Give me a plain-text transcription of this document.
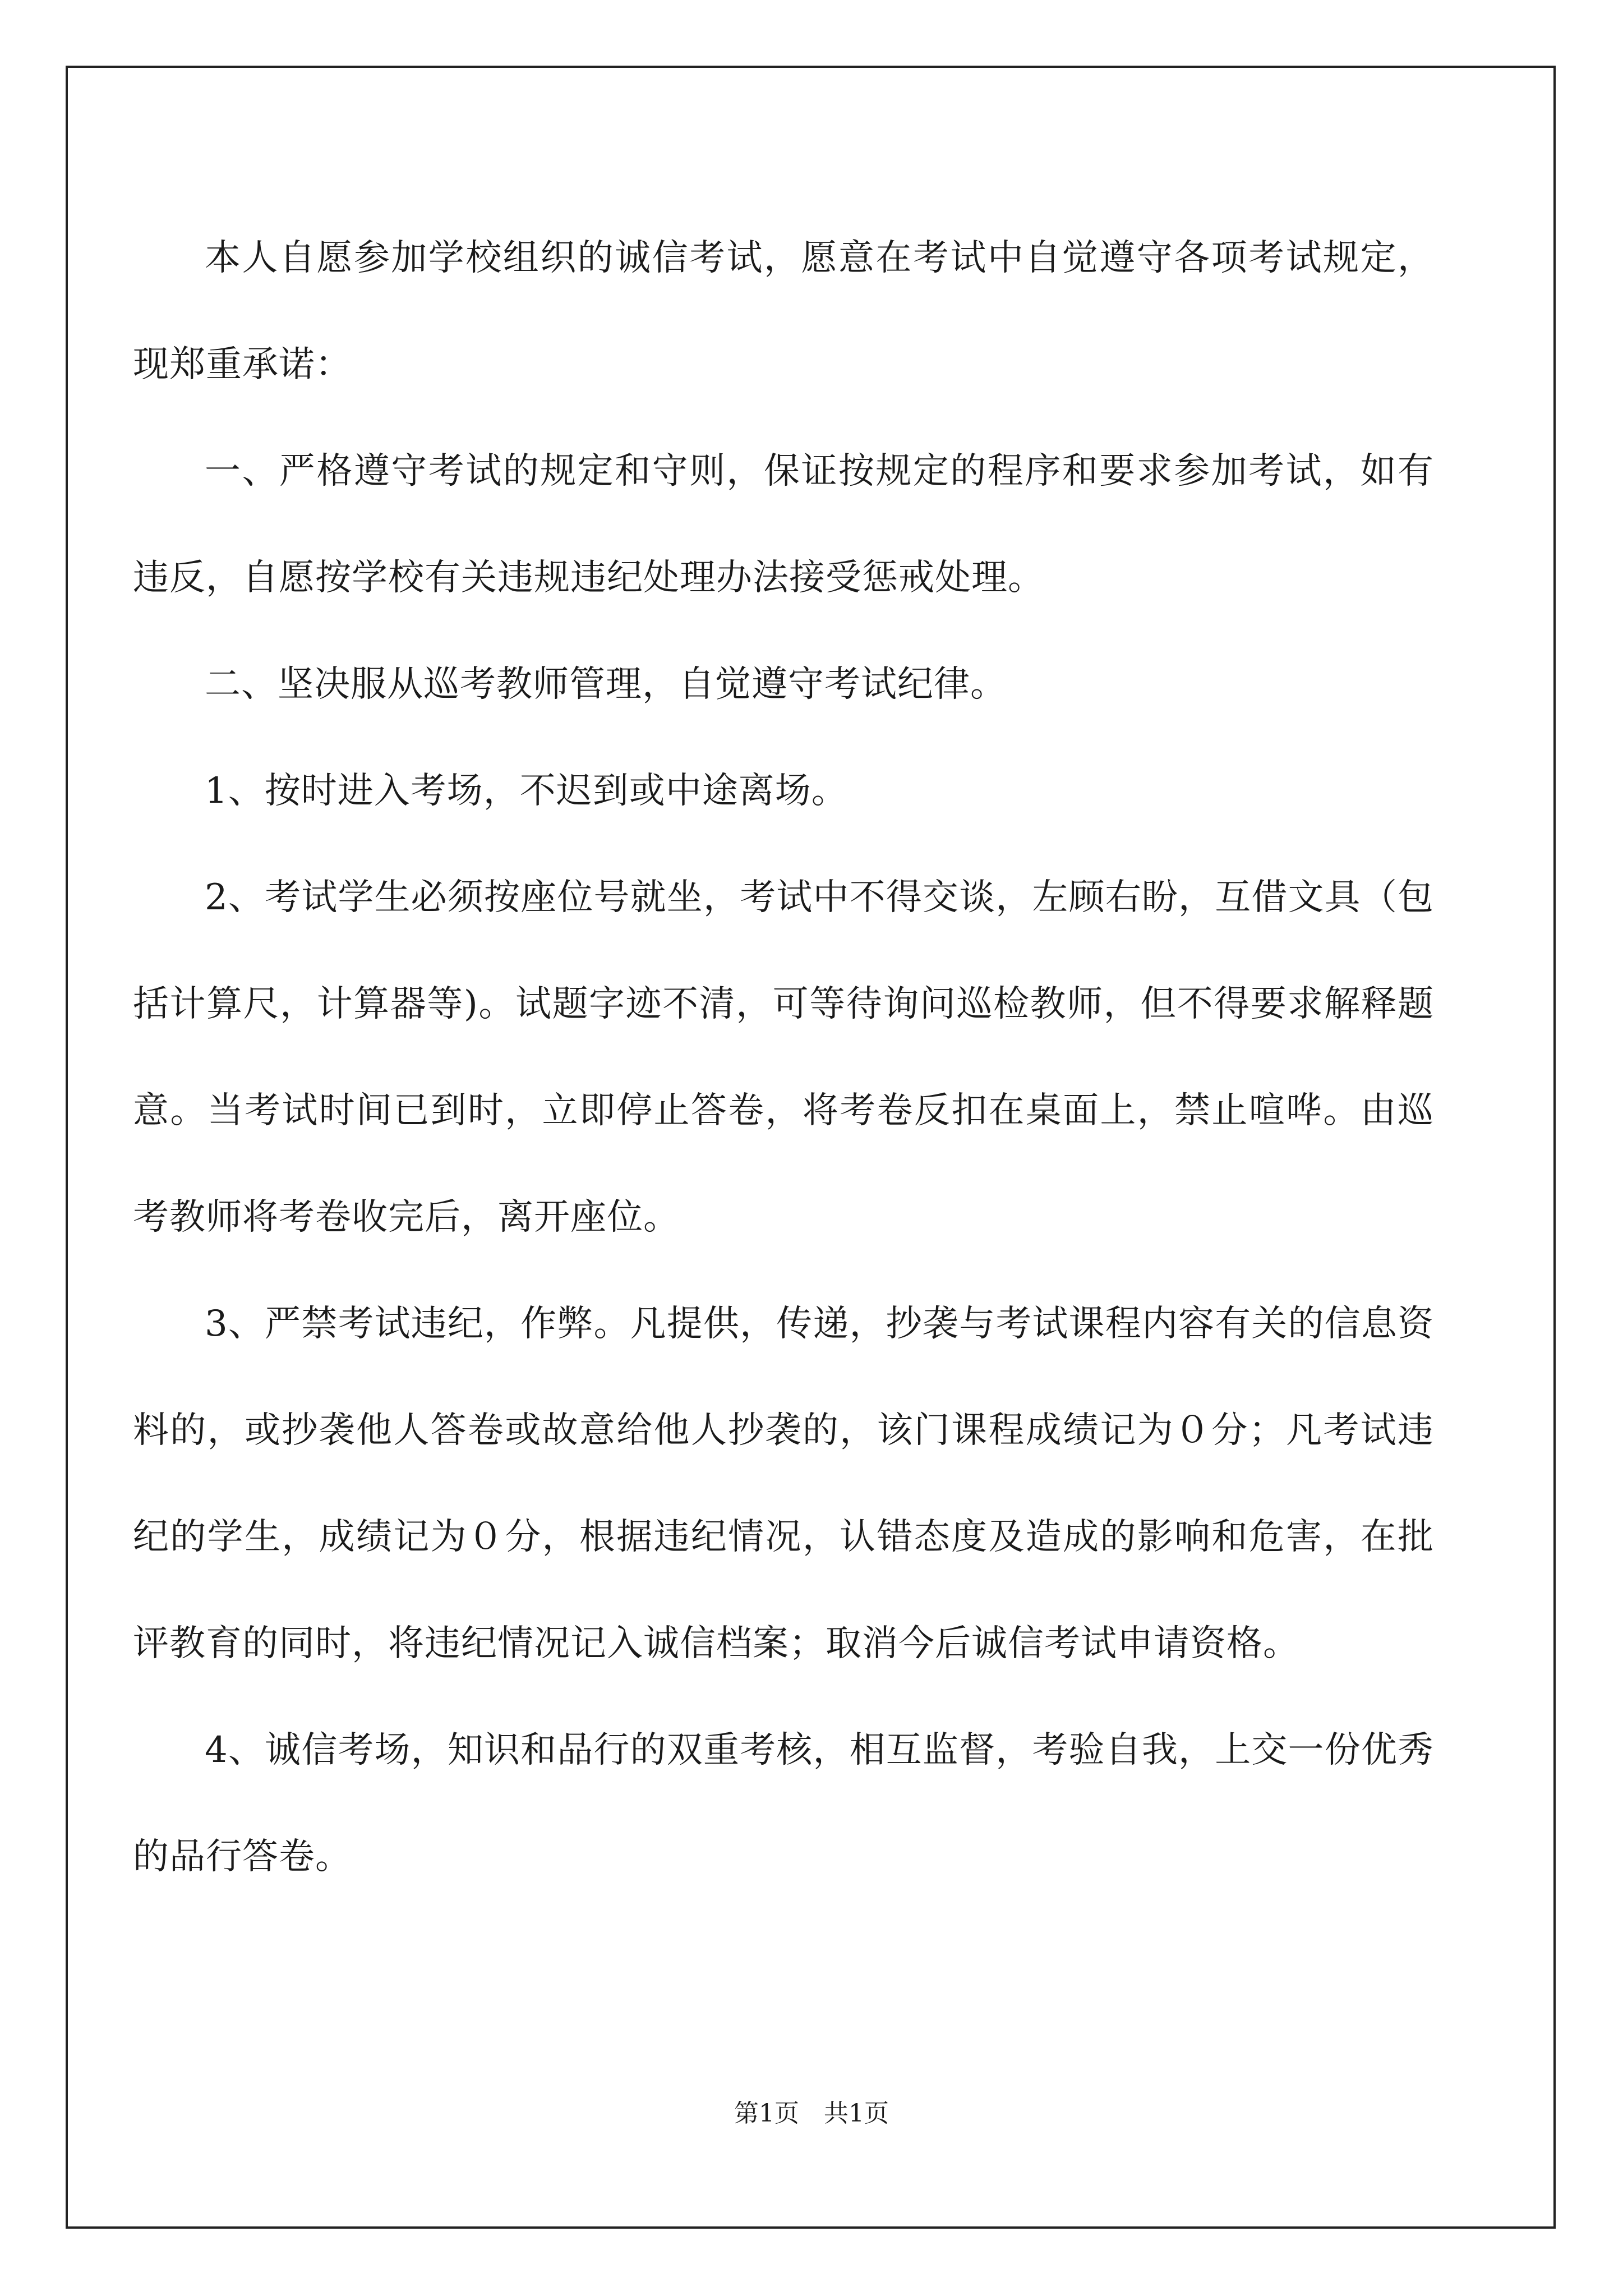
本人自愿参加学校组织的诚信考试，愿意在考试中自觉遵守各项考试规定，现郑重承诺：

一、严格遵守考试的规定和守则，保证按规定的程序和要求参加考试，如有违反，自愿按学校有关违规违纪处理办法接受惩戒处理。

二、坚决服从巡考教师管理，自觉遵守考试纪律。

1、按时进入考场，不迟到或中途离场。

2、考试学生必须按座位号就坐，考试中不得交谈，左顾右盼，互借文具（包括计算尺，计算器等)。试题字迹不清，可等待询问巡检教师，但不得要求解释题意。当考试时间已到时，立即停止答卷，将考卷反扣在桌面上，禁止喧哗。由巡考教师将考卷收完后，离开座位。

3、严禁考试违纪，作弊。凡提供，传递，抄袭与考试课程内容有关的信息资料的，或抄袭他人答卷或故意给他人抄袭的，该门课程成绩记为０分；凡考试违纪的学生，成绩记为０分，根据违纪情况，认错态度及造成的影响和危害，在批评教育的同时，将违纪情况记入诚信档案；取消今后诚信考试申请资格。

4、诚信考场，知识和品行的双重考核，相互监督，考验自我，上交一份优秀的品行答卷。

第1页　共1页
